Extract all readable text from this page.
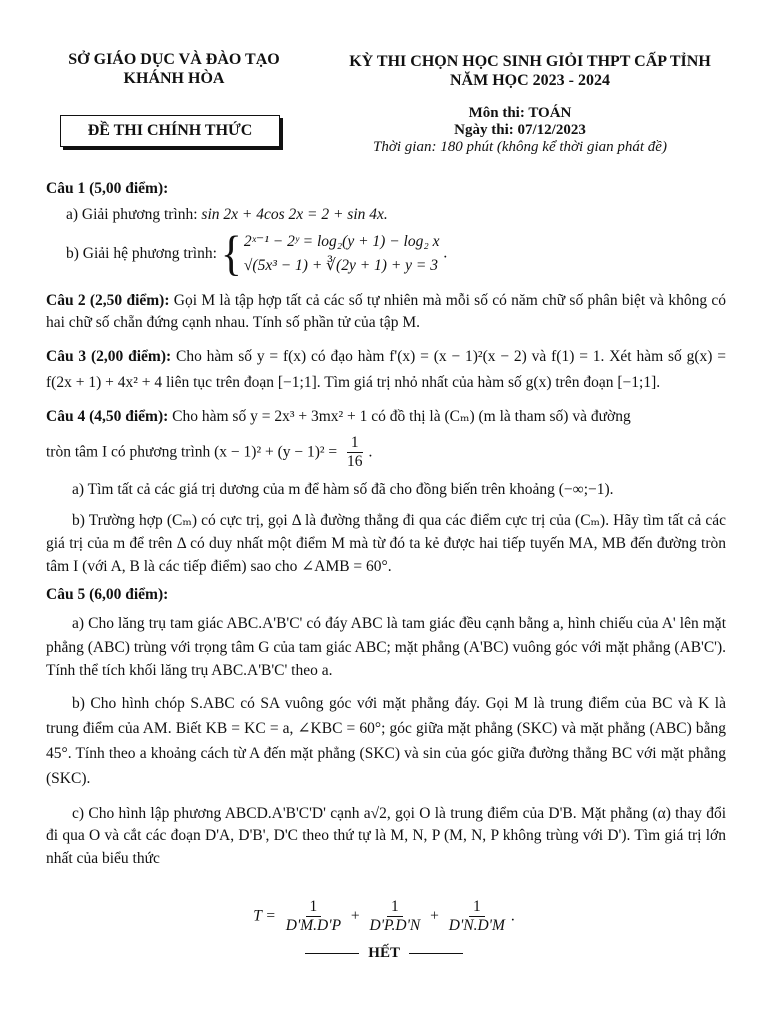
SỞ GIÁO DỤC VÀ ĐÀO TẠO
KHÁNH HÒA
KỲ THI CHỌN HỌC SINH GIỎI THPT CẤP TỈNH
NĂM HỌC 2023 - 2024
ĐỀ THI CHÍNH THỨC
Môn thi: TOÁN
Ngày thi: 07/12/2023
Thời gian: 180 phút (không kể thời gian phát đề)
Câu 1 (5,00 điểm):
a) Giải phương trình: sin 2x + 4cos 2x = 2 + sin 4x.
b) Giải hệ phương trình: { 2ˣ⁻¹ − 2ʸ = log₂(y + 1) − log₂ x
√(5x³ − 1) + ∛(2y + 1) + y = 3
.
Câu 2 (2,50 điểm): Gọi M là tập hợp tất cả các số tự nhiên mà mỗi số có năm chữ số phân biệt và không có hai chữ số chẵn đứng cạnh nhau. Tính số phần tử của tập M.
Câu 3 (2,00 điểm): Cho hàm số y = f(x) có đạo hàm f'(x) = (x − 1)²(x − 2) và f(1) = 1. Xét hàm số g(x) = f(2x + 1) + 4x² + 4 liên tục trên đoạn [−1;1]. Tìm giá trị nhỏ nhất của hàm số g(x) trên đoạn [−1;1].
Câu 4 (4,50 điểm): Cho hàm số y = 2x³ + 3mx² + 1 có đồ thị là (Cₘ) (m là tham số) và đường
tròn tâm I có phương trình $(x - 1)^2 + (y - 1)^2 = \frac{1}{16}$ .
a) Tìm tất cả các giá trị dương của m để hàm số đã cho đồng biến trên khoảng (−∞;−1).
b) Trường hợp (Cₘ) có cực trị, gọi Δ là đường thẳng đi qua các điểm cực trị của (Cₘ). Hãy tìm tất cả các giá trị của m để trên Δ có duy nhất một điểm M mà từ đó ta kẻ được hai tiếp tuyến MA, MB đến đường tròn tâm I (với A, B là các tiếp điểm) sao cho ∠AMB = 60°.
Câu 5 (6,00 điểm):
a) Cho lăng trụ tam giác ABC.A'B'C' có đáy ABC là tam giác đều cạnh bằng a, hình chiếu của A' lên mặt phẳng (ABC) trùng với trọng tâm G của tam giác ABC; mặt phẳng (A'BC) vuông góc với mặt phẳng (AB'C'). Tính thể tích khối lăng trụ ABC.A'B'C' theo a.
b) Cho hình chóp S.ABC có SA vuông góc với mặt phẳng đáy. Gọi M là trung điểm của BC và K là trung điểm của AM. Biết KB = KC = a, ∠KBC = 60°; góc giữa mặt phẳng (SKC) và mặt phẳng (ABC) bằng 45°. Tính theo a khoảng cách từ A đến mặt phẳng (SKC) và sin của góc giữa đường thẳng BC với mặt phẳng (SKC).
c) Cho hình lập phương ABCD.A'B'C'D' cạnh a√2, gọi O là trung điểm của D'B. Mặt phẳng (α) thay đổi đi qua O và cắt các đoạn D'A, D'B', D'C theo thứ tự là M, N, P (M, N, P không trùng với D'). Tìm giá trị lớn nhất của biểu thức
$T = \frac{1}{D'M.D'P} + \frac{1}{D'P.D'N} + \frac{1}{D'N.D'M}$ .
HẾT
